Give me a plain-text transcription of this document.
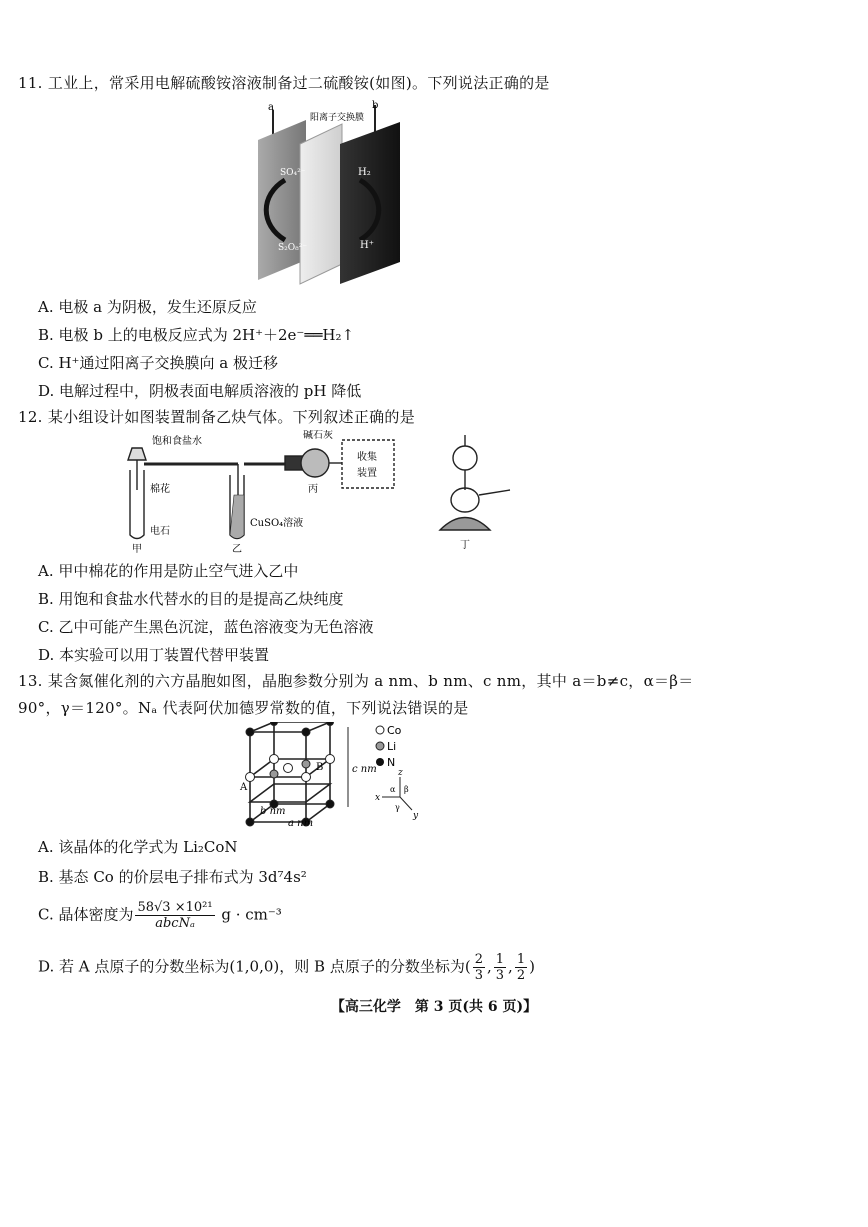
11. 工业上，常采用电解硫酸铵溶液制备过二硫酸铵(如图)。下列说法正确的是
a	b
阳离子交换膜
SO₄²⁻
S₂O₈²⁻
H₂
H⁺
A. 电极 a 为阴极，发生还原反应
B. 电极 b 上的电极反应式为 2H⁺＋2e⁻══H₂↑
C. H⁺通过阳离子交换膜向 a 极迁移
D. 电解过程中，阴极表面电解质溶液的 pH 降低
12. 某小组设计如图装置制备乙炔气体。下列叙述正确的是
饱和食盐水
棉花
电石
甲	乙
CuSO₄溶液
碱石灰
丙
收集
装置
丁
A. 甲中棉花的作用是防止空气进入乙中
B. 用饱和食盐水代替水的目的是提高乙炔纯度
C. 乙中可能产生黑色沉淀，蓝色溶液变为无色溶液
D. 本实验可以用丁装置代替甲装置
13. 某含氮催化剂的六方晶胞如图，晶胞参数分别为 a nm、b nm、c nm，其中 a＝b≠c，α＝β＝
90°，γ＝120°。Nₐ 代表阿伏加德罗常数的值，下列说法错误的是
c nm
A
B
b nm
a nm
Co
Li
N
z
x
y
α β
γ
A. 该晶体的化学式为 Li₂CoN
B. 基态 Co 的价层电子排布式为 3d⁷4s²
C. 晶体密度为 $\frac{\text{58√3 ×10²¹}}{\text{abcNₐ}}$ g · cm⁻³
D. 若 A 点原子的分数坐标为(1,0,0)，则 B 点原子的分数坐标为( $\frac{2}{3}$ , $\frac{1}{3}$ , $\frac{1}{2}$ )
【高三化学　第 3 页(共 6 页)】
